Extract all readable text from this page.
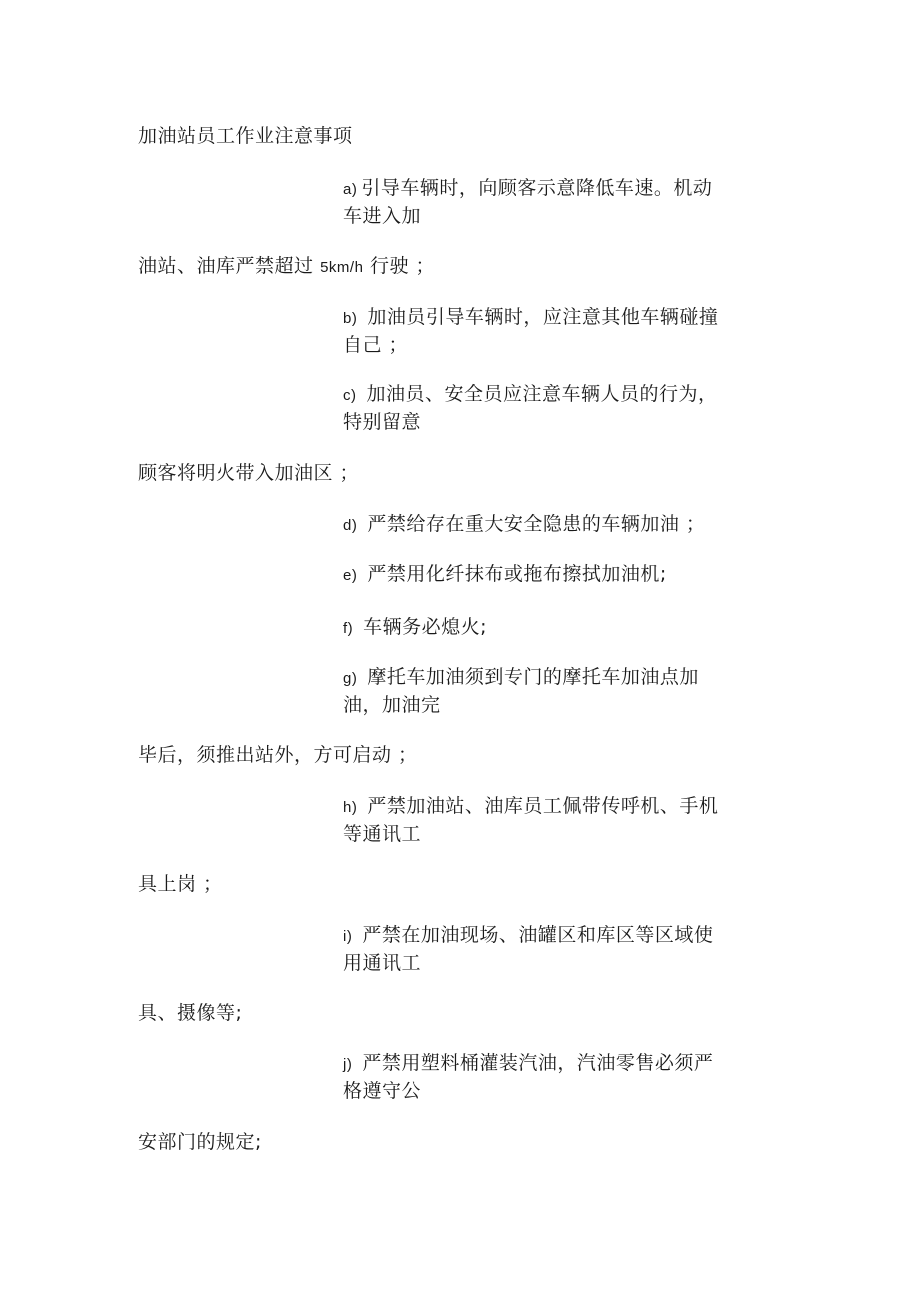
加油站员工作业注意事项
a) 引导车辆时，向顾客示意降低车速。机动
车进入加
油站、油库严禁超过 5km/h 行驶 ；
b) 加油员引导车辆时，应注意其他车辆碰撞
自己 ；
c) 加油员、安全员应注意车辆人员的行为，
特别留意
顾客将明火带入加油区 ；
d) 严禁给存在重大安全隐患的车辆加油 ；
e) 严禁用化纤抹布或拖布擦拭加油机;
f) 车辆务必熄火;
g) 摩托车加油须到专门的摩托车加油点加
油，加油完
毕后，须推出站外，方可启动 ；
h) 严禁加油站、油库员工佩带传呼机、手机
等通讯工
具上岗 ；
i) 严禁在加油现场、油罐区和库区等区域使
用通讯工
具、摄像等;
j) 严禁用塑料桶灌装汽油，汽油零售必须严
格遵守公
安部门的规定;
